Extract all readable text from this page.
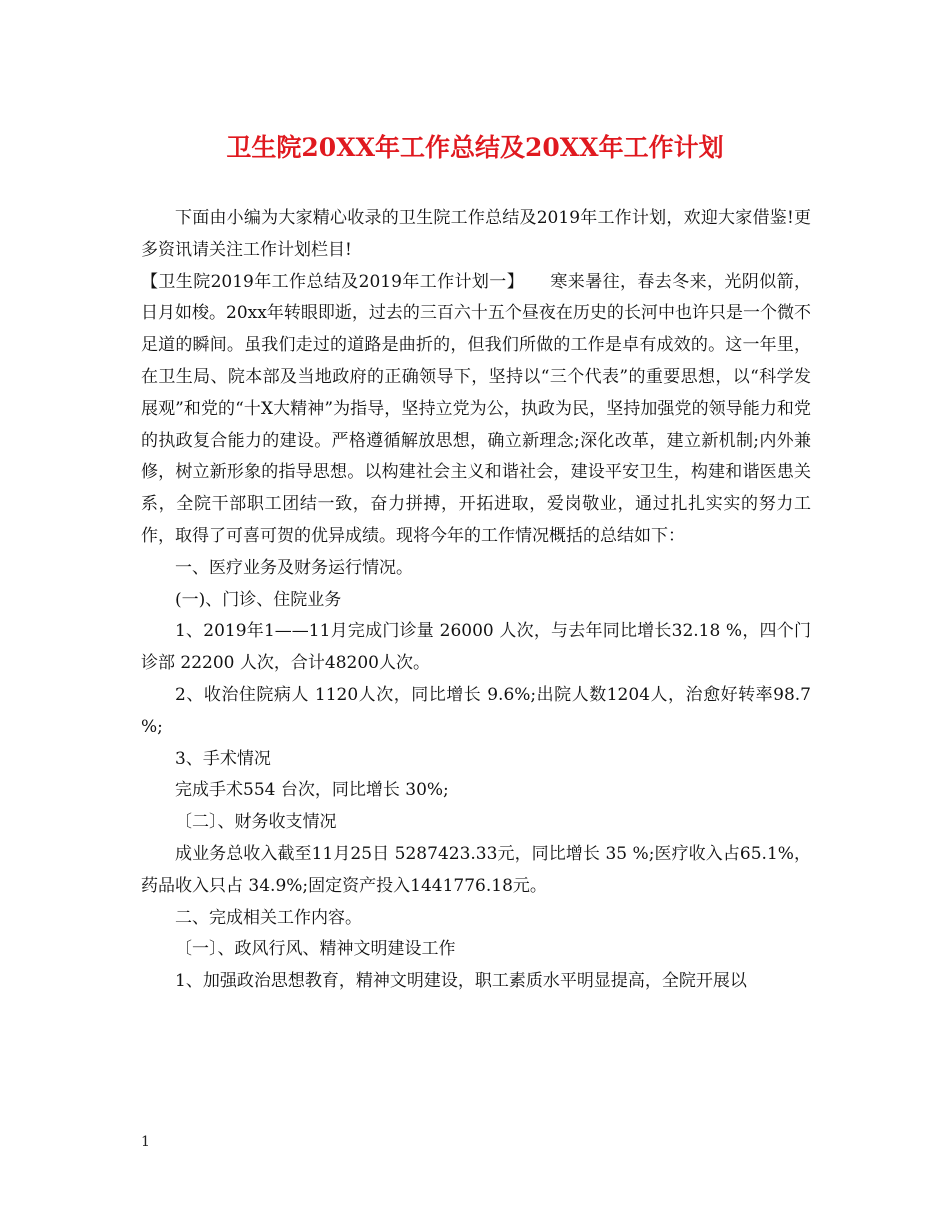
卫生院20XX年工作总结及20XX年工作计划

下面由小编为大家精心收录的卫生院工作总结及2019年工作计划，欢迎大家借鉴!更多资讯请关注工作计划栏目!

【卫生院2019年工作总结及2019年工作计划一】　　寒来暑往，春去冬来，光阴似箭，日月如梭。20xx年转眼即逝，过去的三百六十五个昼夜在历史的长河中也许只是一个微不足道的瞬间。虽我们走过的道路是曲折的，但我们所做的工作是卓有成效的。这一年里，在卫生局、院本部及当地政府的正确领导下，坚持以“三个代表”的重要思想，以“科学发展观”和党的“十X大精神”为指导，坚持立党为公，执政为民，坚持加强党的领导能力和党的执政复合能力的建设。严格遵循解放思想，确立新理念;深化改革，建立新机制;内外兼修，树立新形象的指导思想。以构建社会主义和谐社会，建设平安卫生，构建和谐医患关系，全院干部职工团结一致，奋力拼搏，开拓进取，爱岗敬业，通过扎扎实实的努力工作，取得了可喜可贺的优异成绩。现将今年的工作情况概括的总结如下：

一、医疗业务及财务运行情况。

(一)、门诊、住院业务

1、2019年1——11月完成门诊量 26000 人次，与去年同比增长32.18 %，四个门诊部 22200 人次，合计48200人次。

2、收治住院病人 1120人次，同比增长 9.6%;出院人数1204人，治愈好转率98.7 %;

3、手术情况

完成手术554 台次，同比增长 30%;

〔二〕、财务收支情况

成业务总收入截至11月25日 5287423.33元，同比增长 35 %;医疗收入占65.1%，药品收入只占 34.9%;固定资产投入1441776.18元。

二、完成相关工作内容。

〔一〕、政风行风、精神文明建设工作

1、加强政治思想教育，精神文明建设，职工素质水平明显提高，全院开展以

1
